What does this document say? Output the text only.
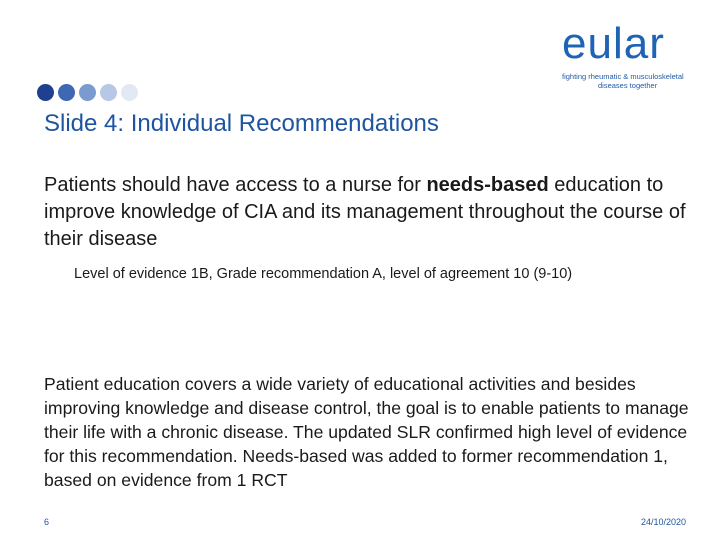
eular
fighting rheumatic & musculoskeletal
diseases together
Slide 4: Individual Recommendations
Patients should have access to a nurse for needs-based education to improve knowledge of CIA and its management throughout the course of their disease
Level of evidence 1B, Grade recommendation A, level of agreement 10 (9-10)
Patient education covers a wide variety of educational activities and besides improving knowledge and disease control, the goal is to enable patients to manage their life with a chronic disease. The updated SLR confirmed high level of evidence for this recommendation. Needs-based was added to former recommendation 1, based on evidence from 1 RCT
6	24/10/2020
